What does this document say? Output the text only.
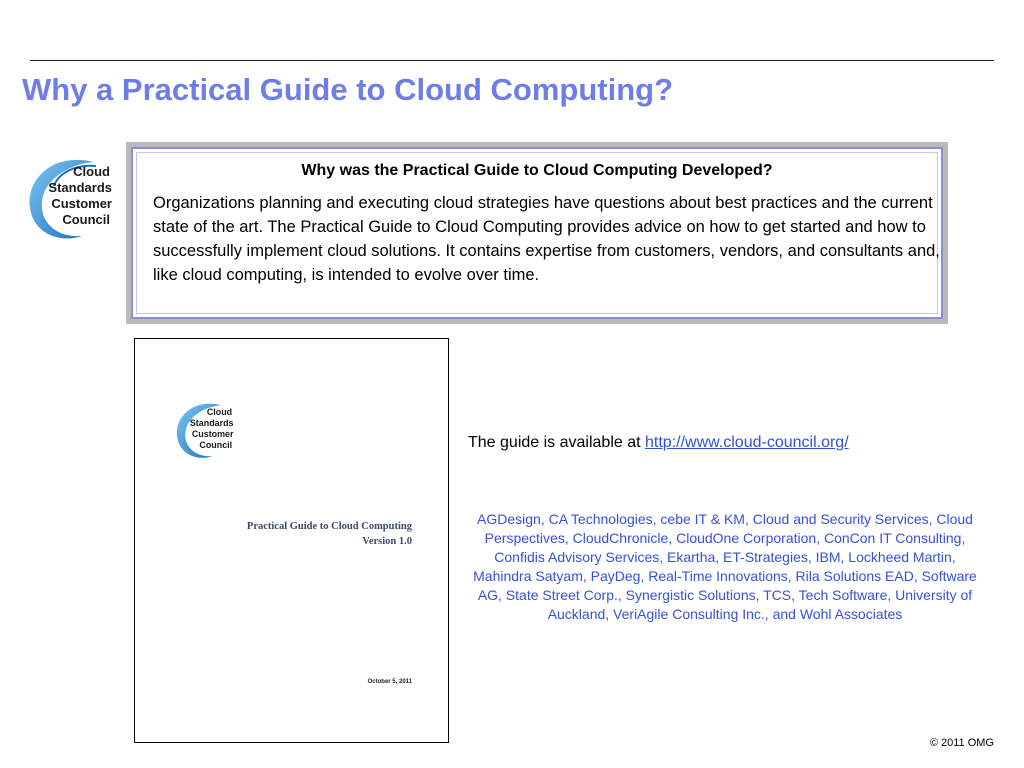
Why a Practical Guide to Cloud Computing?
Cloud
Standards
Customer
Council

Why was the Practical Guide to Cloud Computing Developed?

Organizations planning and executing cloud strategies have questions about best practices and the current state of the art. The Practical Guide to Cloud Computing provides advice on how to get started and how to successfully implement cloud solutions. It contains expertise from customers, vendors, and consultants and, like cloud computing, is intended to evolve over time.

Cloud
Standards
Customer
Council
Practical Guide to Cloud Computing
Version 1.0
October 5, 2011
The guide is available at http://www.cloud-council.org/

AGDesign, CA Technologies, cebe IT & KM, Cloud and Security Services, Cloud Perspectives, CloudChronicle, CloudOne Corporation, ConCon IT Consulting, Confidis Advisory Services, Ekartha, ET-Strategies, IBM, Lockheed Martin, Mahindra Satyam, PayDeg, Real-Time Innovations, Rila Solutions EAD, Software AG, State Street Corp., Synergistic Solutions, TCS, Tech Software, University of Auckland, VeriAgile Consulting Inc., and Wohl Associates

© 2011 OMG
